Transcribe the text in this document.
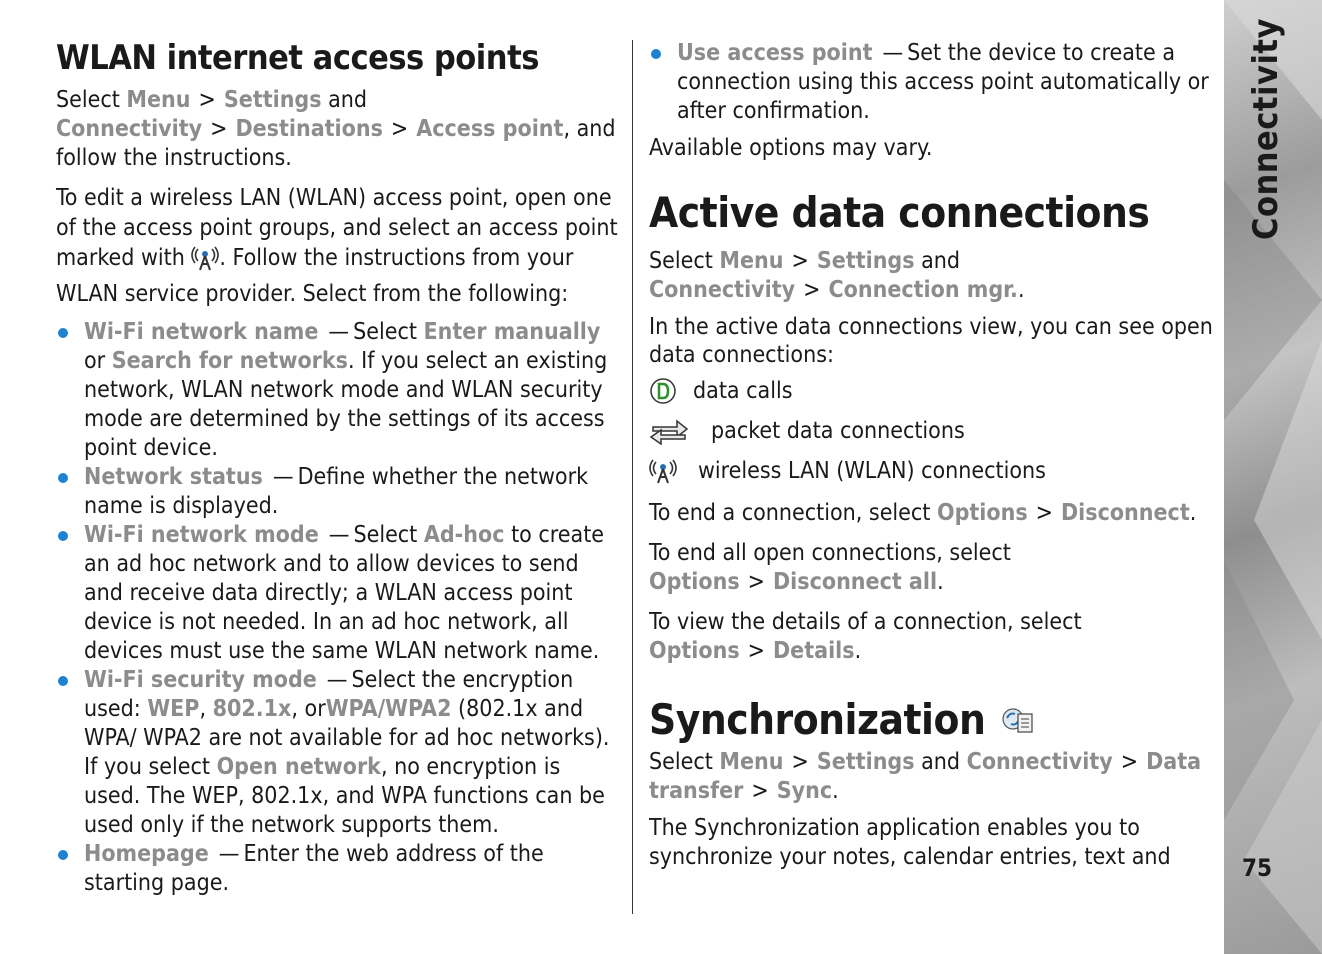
WLAN internet access points

Select Menu > Settings and Connectivity > Destinations > Access point, and follow the instructions.

To edit a wireless LAN (WLAN) access point, open one of the access point groups, and select an access point marked with . Follow the instructions from your WLAN service provider. Select from the following:

Wi-Fi network name — Select Enter manually or Search for networks. If you select an existing network, WLAN network mode and WLAN security mode are determined by the settings of its access point device.
Network status — Define whether the network name is displayed.
Wi-Fi network mode — Select Ad-hoc to create an ad hoc network and to allow devices to send and receive data directly; a WLAN access point device is not needed. In an ad hoc network, all devices must use the same WLAN network name.
Wi-Fi security mode — Select the encryption used: WEP, 802.1x, orWPA/WPA2 (802.1x and WPA/ WPA2 are not available for ad hoc networks). If you select Open network, no encryption is used. The WEP, 802.1x, and WPA functions can be used only if the network supports them.
Homepage — Enter the web address of the starting page.
Use access point — Set the device to create a connection using this access point automatically or after confirmation.

Available options may vary.

Active data connections

Select Menu > Settings and Connectivity > Connection mgr..

In the active data connections view, you can see open data connections:

data calls
packet data connections
wireless LAN (WLAN) connections

To end a connection, select Options > Disconnect.

To end all open connections, select Options > Disconnect all.

To view the details of a connection, select Options > Details.

Synchronization

Select Menu > Settings and Connectivity > Data transfer > Sync.

The Synchronization application enables you to synchronize your notes, calendar entries, text and

Connectivity
75
